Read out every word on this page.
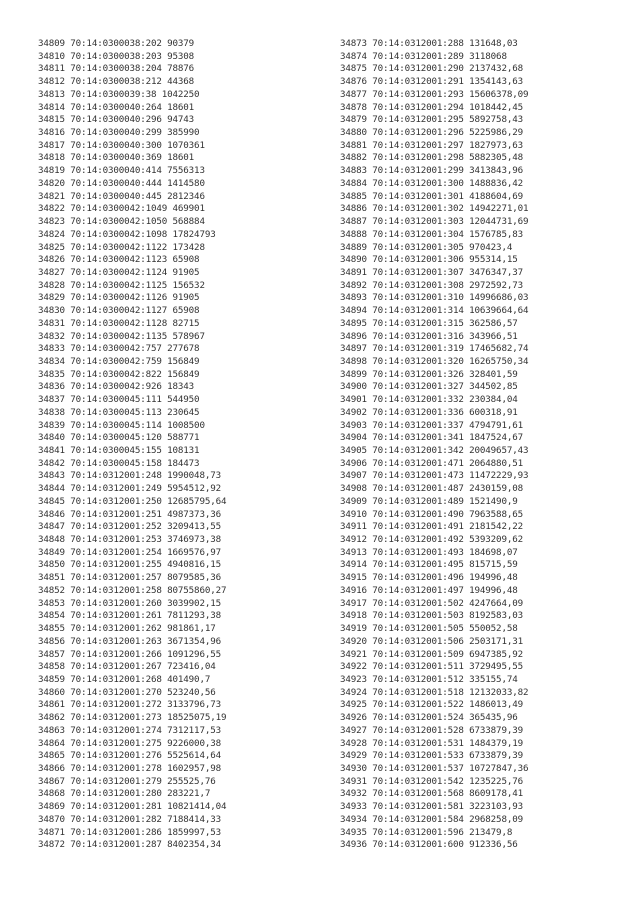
34809 70:14:0300038:202 90379
34810 70:14:0300038:203 95308
34811 70:14:0300038:204 78876
34812 70:14:0300038:212 44368
34813 70:14:0300039:38 1042250
34814 70:14:0300040:264 18601
34815 70:14:0300040:296 94743
34816 70:14:0300040:299 385990
34817 70:14:0300040:300 1070361
34818 70:14:0300040:369 18601
34819 70:14:0300040:414 7556313
34820 70:14:0300040:444 1414580
34821 70:14:0300040:445 2812346
34822 70:14:0300042:1049 469901
34823 70:14:0300042:1050 568884
34824 70:14:0300042:1098 17824793
34825 70:14:0300042:1122 173428
34826 70:14:0300042:1123 65908
34827 70:14:0300042:1124 91905
34828 70:14:0300042:1125 156532
34829 70:14:0300042:1126 91905
34830 70:14:0300042:1127 65908
34831 70:14:0300042:1128 82715
34832 70:14:0300042:1135 578967
34833 70:14:0300042:757 277678
34834 70:14:0300042:759 156849
34835 70:14:0300042:822 156849
34836 70:14:0300042:926 18343
34837 70:14:0300045:111 544950
34838 70:14:0300045:113 230645
34839 70:14:0300045:114 1008500
34840 70:14:0300045:120 588771
34841 70:14:0300045:155 108131
34842 70:14:0300045:158 184473
34843 70:14:0312001:248 1990048,73
34844 70:14:0312001:249 5954512,92
34845 70:14:0312001:250 12685795,64
34846 70:14:0312001:251 4987373,36
34847 70:14:0312001:252 3209413,55
34848 70:14:0312001:253 3746973,38
34849 70:14:0312001:254 1669576,97
34850 70:14:0312001:255 4940816,15
34851 70:14:0312001:257 8079585,36
34852 70:14:0312001:258 80755860,27
34853 70:14:0312001:260 3039902,15
34854 70:14:0312001:261 7811293,38
34855 70:14:0312001:262 981861,17
34856 70:14:0312001:263 3671354,96
34857 70:14:0312001:266 1091296,55
34858 70:14:0312001:267 723416,04
34859 70:14:0312001:268 401490,7
34860 70:14:0312001:270 523240,56
34861 70:14:0312001:272 3133796,73
34862 70:14:0312001:273 18525075,19
34863 70:14:0312001:274 7312117,53
34864 70:14:0312001:275 9226000,38
34865 70:14:0312001:276 5525614,64
34866 70:14:0312001:278 1602957,98
34867 70:14:0312001:279 255525,76
34868 70:14:0312001:280 283221,7
34869 70:14:0312001:281 10821414,04
34870 70:14:0312001:282 7188414,33
34871 70:14:0312001:286 1859997,53
34872 70:14:0312001:287 8402354,34
34873 70:14:0312001:288 131648,03
34874 70:14:0312001:289 3118068
34875 70:14:0312001:290 2137432,68
34876 70:14:0312001:291 1354143,63
34877 70:14:0312001:293 15606378,09
34878 70:14:0312001:294 1018442,45
34879 70:14:0312001:295 5892758,43
34880 70:14:0312001:296 5225986,29
34881 70:14:0312001:297 1827973,63
34882 70:14:0312001:298 5882305,48
34883 70:14:0312001:299 3413843,96
34884 70:14:0312001:300 1488836,42
34885 70:14:0312001:301 4188604,69
34886 70:14:0312001:302 14942271,01
34887 70:14:0312001:303 12044731,69
34888 70:14:0312001:304 1576785,83
34889 70:14:0312001:305 970423,4
34890 70:14:0312001:306 955314,15
34891 70:14:0312001:307 3476347,37
34892 70:14:0312001:308 2972592,73
34893 70:14:0312001:310 14996686,03
34894 70:14:0312001:314 10639664,64
34895 70:14:0312001:315 362586,57
34896 70:14:0312001:316 343966,51
34897 70:14:0312001:319 17465682,74
34898 70:14:0312001:320 16265750,34
34899 70:14:0312001:326 328401,59
34900 70:14:0312001:327 344502,85
34901 70:14:0312001:332 230384,04
34902 70:14:0312001:336 600318,91
34903 70:14:0312001:337 4794791,61
34904 70:14:0312001:341 1847524,67
34905 70:14:0312001:342 20049657,43
34906 70:14:0312001:471 2064880,51
34907 70:14:0312001:473 11472229,93
34908 70:14:0312001:487 2430159,08
34909 70:14:0312001:489 1521490,9
34910 70:14:0312001:490 7963588,65
34911 70:14:0312001:491 2181542,22
34912 70:14:0312001:492 5393209,62
34913 70:14:0312001:493 184698,07
34914 70:14:0312001:495 815715,59
34915 70:14:0312001:496 194996,48
34916 70:14:0312001:497 194996,48
34917 70:14:0312001:502 4247664,09
34918 70:14:0312001:503 8192583,03
34919 70:14:0312001:505 550052,58
34920 70:14:0312001:506 2503171,31
34921 70:14:0312001:509 6947385,92
34922 70:14:0312001:511 3729495,55
34923 70:14:0312001:512 335155,74
34924 70:14:0312001:518 12132033,82
34925 70:14:0312001:522 1486013,49
34926 70:14:0312001:524 365435,96
34927 70:14:0312001:528 6733879,39
34928 70:14:0312001:531 1484379,19
34929 70:14:0312001:533 6733879,39
34930 70:14:0312001:537 10727847,36
34931 70:14:0312001:542 1235225,76
34932 70:14:0312001:568 8609178,41
34933 70:14:0312001:581 3223103,93
34934 70:14:0312001:584 2968258,09
34935 70:14:0312001:596 213479,8
34936 70:14:0312001:600 912336,56
